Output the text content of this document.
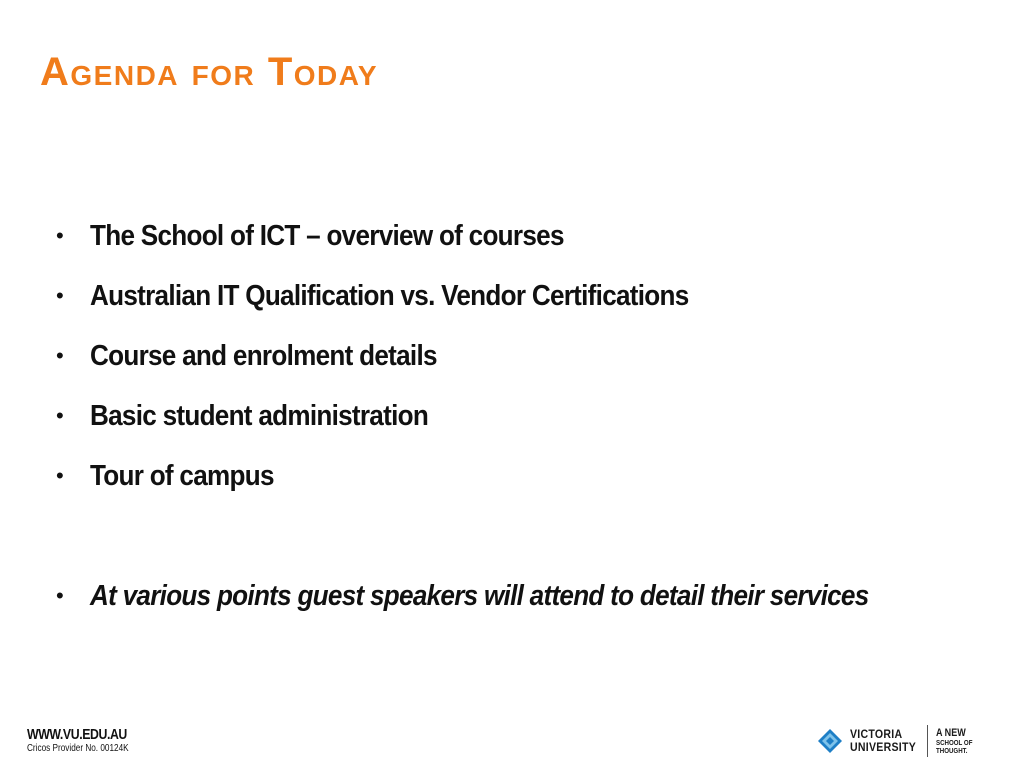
Agenda for Today
• The School of ICT – overview of courses
• Australian IT Qualification vs. Vendor Certifications
• Course and enrolment details
• Basic student administration
• Tour of campus
• At various points guest speakers will attend to detail their services
WWW.VU.EDU.AU
Cricos Provider No. 00124K
VICTORIA
UNIVERSITY
A NEW
SCHOOL OF
THOUGHT.
